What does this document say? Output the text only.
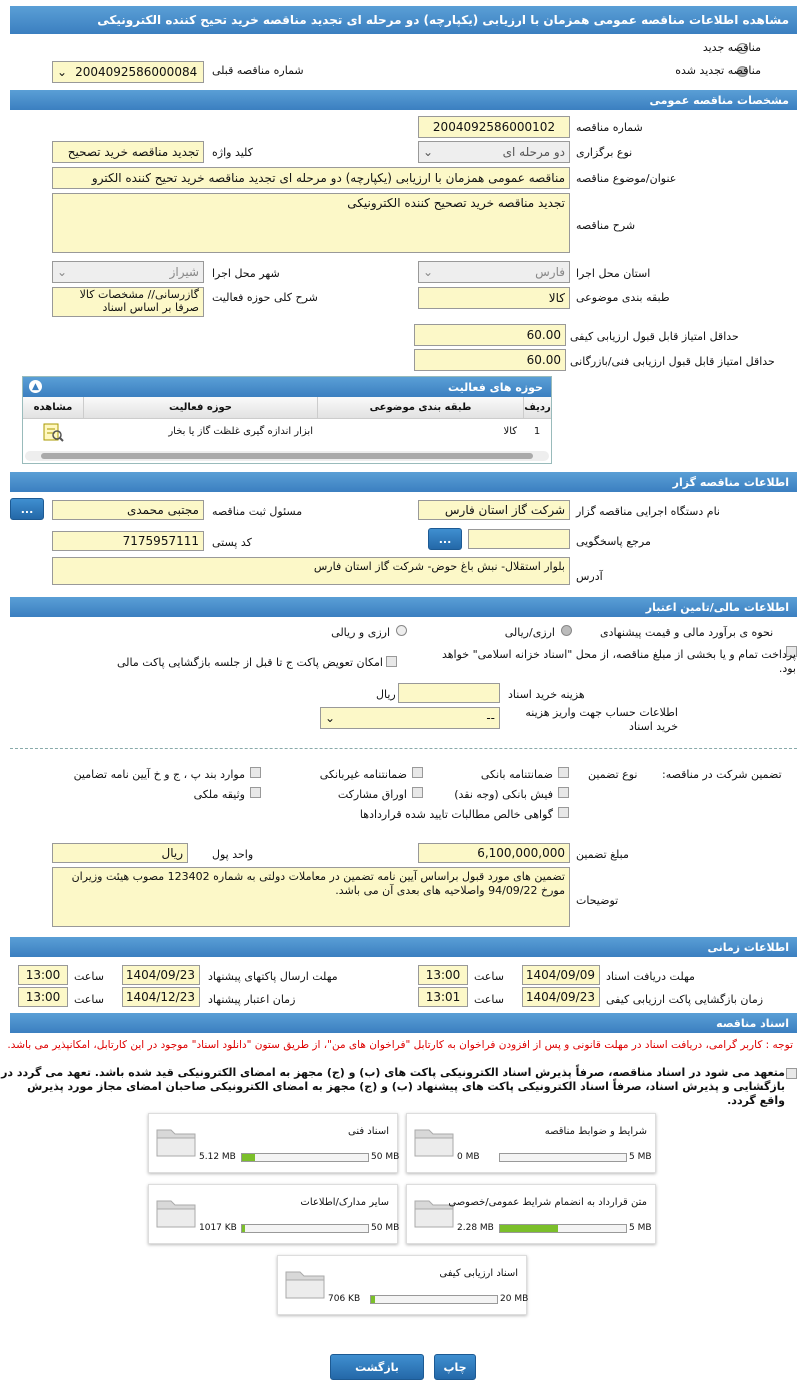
مشاهده اطلاعات مناقصه عمومی همزمان با ارزیابی (یکپارچه) دو مرحله ای تجدید مناقصه خرید تحیح کننده الکترونیکی
مناقصه جدید
مناقصه تجدید شده
شماره مناقصه قبلی
⌄ 2004092586000084
مشخصات مناقصه عمومی
شماره مناقصه
2004092586000102
نوع برگزاری
دو مرحله ای
⌄
کلید واژه
تجدید مناقصه خرید تصحیح
عنوان/موضوع مناقصه
مناقصه عمومی همزمان با ارزیابی (یکپارچه) دو مرحله ای تجدید مناقصه خرید تحیح کننده الکترو
شرح مناقصه
تجدید مناقصه خرید تصحیح کننده الکترونیکی
استان محل اجرا
فارس
⌄
شهر محل اجرا
شیراز
⌄
طبقه بندی موضوعی
کالا
شرح کلی حوزه فعالیت
گازرسانی// مشخصات کالا صرفا بر اساس اسناد
حداقل امتیاز قابل قبول ارزیابی کیفی
60.00
حداقل امتیاز قابل قبول ارزیابی فنی/بازرگانی
60.00
حوزه های فعالیت
▲
ردیف
طبقه بندی موضوعی
حوزه فعالیت
مشاهده
1
کالا
ابزار اندازه گیری غلظت گاز یا بخار
اطلاعات مناقصه گزار
نام دستگاه اجرایی مناقصه گزار
شرکت گاز استان فارس
مسئول ثبت مناقصه
مجتبی محمدی
...
مرجع پاسخگویی
...
کد پستی
7175957111
آدرس
بلوار استقلال- نبش باغ حوض- شرکت گاز استان فارس
اطلاعات مالی/تامین اعتبار
نحوه ی برآورد مالی و قیمت پیشنهادی
ارزی/ریالی
ارزی و ریالی
پرداخت تمام و یا بخشی از مبلغ مناقصه، از محل "اسناد خزانه اسلامی" خواهد بود.
امکان تعویض پاکت ج تا قبل از جلسه بازگشایی پاکت مالی
هزینه خرید اسناد
ریال
اطلاعات حساب جهت واریز هزینه خرید اسناد
--
⌄
تضمین شرکت در مناقصه:
نوع تضمین
ضمانتنامه بانکی
ضمانتنامه غیربانکی
موارد بند پ ، ج و خ آیین نامه تضامین
فیش بانکی (وجه نقد)
اوراق مشارکت
وثیقه ملکی
گواهی خالص مطالبات تایید شده قراردادها
مبلغ تضمین
6,100,000,000
واحد پول
ریال
توضیحات
تضمین های مورد قبول براساس آیین نامه تضمین در معاملات دولتی به شماره 123402 مصوب هیئت وزیران مورخ 94/09/22 واصلاحیه های بعدی آن می باشد.
اطلاعات زمانی
مهلت دریافت اسناد
1404/09/09
ساعت
13:00
مهلت ارسال پاکتهای پیشنهاد
1404/09/23
ساعت
13:00
زمان بازگشایی پاکت ارزیابی کیفی
1404/09/23
ساعت
13:01
زمان اعتبار پیشنهاد
1404/12/23
ساعت
13:00
اسناد مناقصه
توجه : کاربر گرامی، دریافت اسناد در مهلت قانونی و پس از افزودن فراخوان به کارتابل "فراخوان های من"، از طریق ستون "دانلود اسناد" موجود در این کارتابل، امکانپذیر می باشد.
متعهد می شود در اسناد مناقصه، صرفاً پذیرش اسناد الکترونیکی پاکت های (ب) و (ج) مجهز به امضای الکترونیکی قید شده باشد. تعهد می گردد در بازگشایی و پذیرش اسناد، صرفاً اسناد الکترونیکی پاکت های پیشنهاد (ب) و (ج) مجهز به امضای الکترونیکی صاحبان امضای مجاز مورد پذیرش واقع گردد.
شرایط و ضوابط مناقصه
0 MB	5 MB
اسناد فنی
5.12 MB	50 MB
متن قرارداد به انضمام شرایط عمومی/خصوصی
2.28 MB	5 MB
سایر مدارک/اطلاعات
1017 KB	50 MB
اسناد ارزیابی کیفی
706 KB	20 MB
چاپ
بازگشت
